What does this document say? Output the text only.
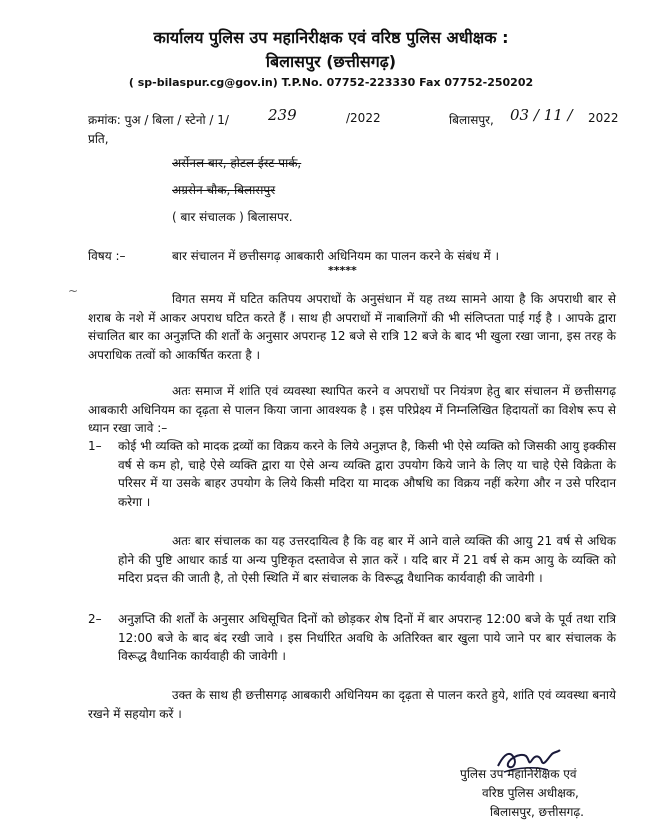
कार्यालय पुलिस उप महानिरीक्षक एवं वरिष्ठ पुलिस अधीक्षक :
बिलासपुर (छत्तीसगढ़)
( sp-bilaspur.cg@gov.in) T.P.No. 07752-223330 Fax 07752-250202
क्रमांक: पुअ / बिला / स्टेनो / 1/	239	/2022	बिलासपुर, 03 / 11 / 2022
प्रति,
अर्सेनल बार, होटल ईस्ट पार्क,
अग्रसेन चौक, बिलासपुर
( बार संचालक ) बिलासपर.
विषय :–	बार संचालन में छत्तीसगढ़ आबकारी अधिनियम का पालन करने के संबंध में ।
*****
~
विगत समय में घटित कतिपय अपराधों के अनुसंधान में यह तथ्य सामने आया है कि अपराधी बार से शराब के नशे में आकर अपराध घटित करते हैं । साथ ही अपराधों में नाबालिगों की भी संलिप्तता पाई गई है । आपके द्वारा संचालित बार का अनुज्ञप्ति की शर्तों के अनुसार अपरान्ह 12 बजे से रात्रि 12 बजे के बाद भी खुला रखा जाना, इस तरह के अपराधिक तत्वों को आकर्षित करता है ।
अतः समाज में शांति एवं व्यवस्था स्थापित करने व अपराधों पर नियंत्रण हेतु बार संचालन में छत्तीसगढ़ आबकारी अधिनियम का दृढ़ता से पालन किया जाना आवश्यक है । इस परिप्रेक्ष्य में निम्नलिखित हिदायतों का विशेष रूप से ध्यान रखा जावे :–
1– कोई भी व्यक्ति को मादक द्रव्यों का विक्रय करने के लिये अनुज्ञप्त है, किसी भी ऐसे व्यक्ति को जिसकी आयु इक्कीस वर्ष से कम हो, चाहे ऐसे व्यक्ति द्वारा या ऐसे अन्य व्यक्ति द्वारा उपयोग किये जाने के लिए या चाहे ऐसे विक्रेता के परिसर में या उसके बाहर उपयोग के लिये किसी मदिरा या मादक औषधि का विक्रय नहीं करेगा और न उसे परिदान करेगा ।
अतः बार संचालक का यह उत्तरदायित्व है कि वह बार में आने वाले व्यक्ति की आयु 21 वर्ष से अधिक होने की पुष्टि आधार कार्ड या अन्य पुष्टिकृत दस्तावेज से ज्ञात करें । यदि बार में 21 वर्ष से कम आयु के व्यक्ति को मदिरा प्रदत्त की जाती है, तो ऐसी स्थिति में बार संचालक के विरूद्ध वैधानिक कार्यवाही की जावेगी ।
2– अनुज्ञप्ति की शर्तों के अनुसार अधिसूचित दिनों को छोड़कर शेष दिनों में बार अपरान्ह 12:00 बजे के पूर्व तथा रात्रि 12:00 बजे के बाद बंद रखी जावे । इस निर्धारित अवधि के अतिरिक्त बार खुला पाये जाने पर बार संचालक के विरूद्ध वैधानिक कार्यवाही की जावेगी ।
उक्त के साथ ही छत्तीसगढ़ आबकारी अधिनियम का दृढ़ता से पालन करते हुये, शांति एवं व्यवस्था बनाये रखने में सहयोग करें ।
पुलिस उप महानिरीक्षक एवं
वरिष्ठ पुलिस अधीक्षक,
बिलासपुर, छत्तीसगढ़.
